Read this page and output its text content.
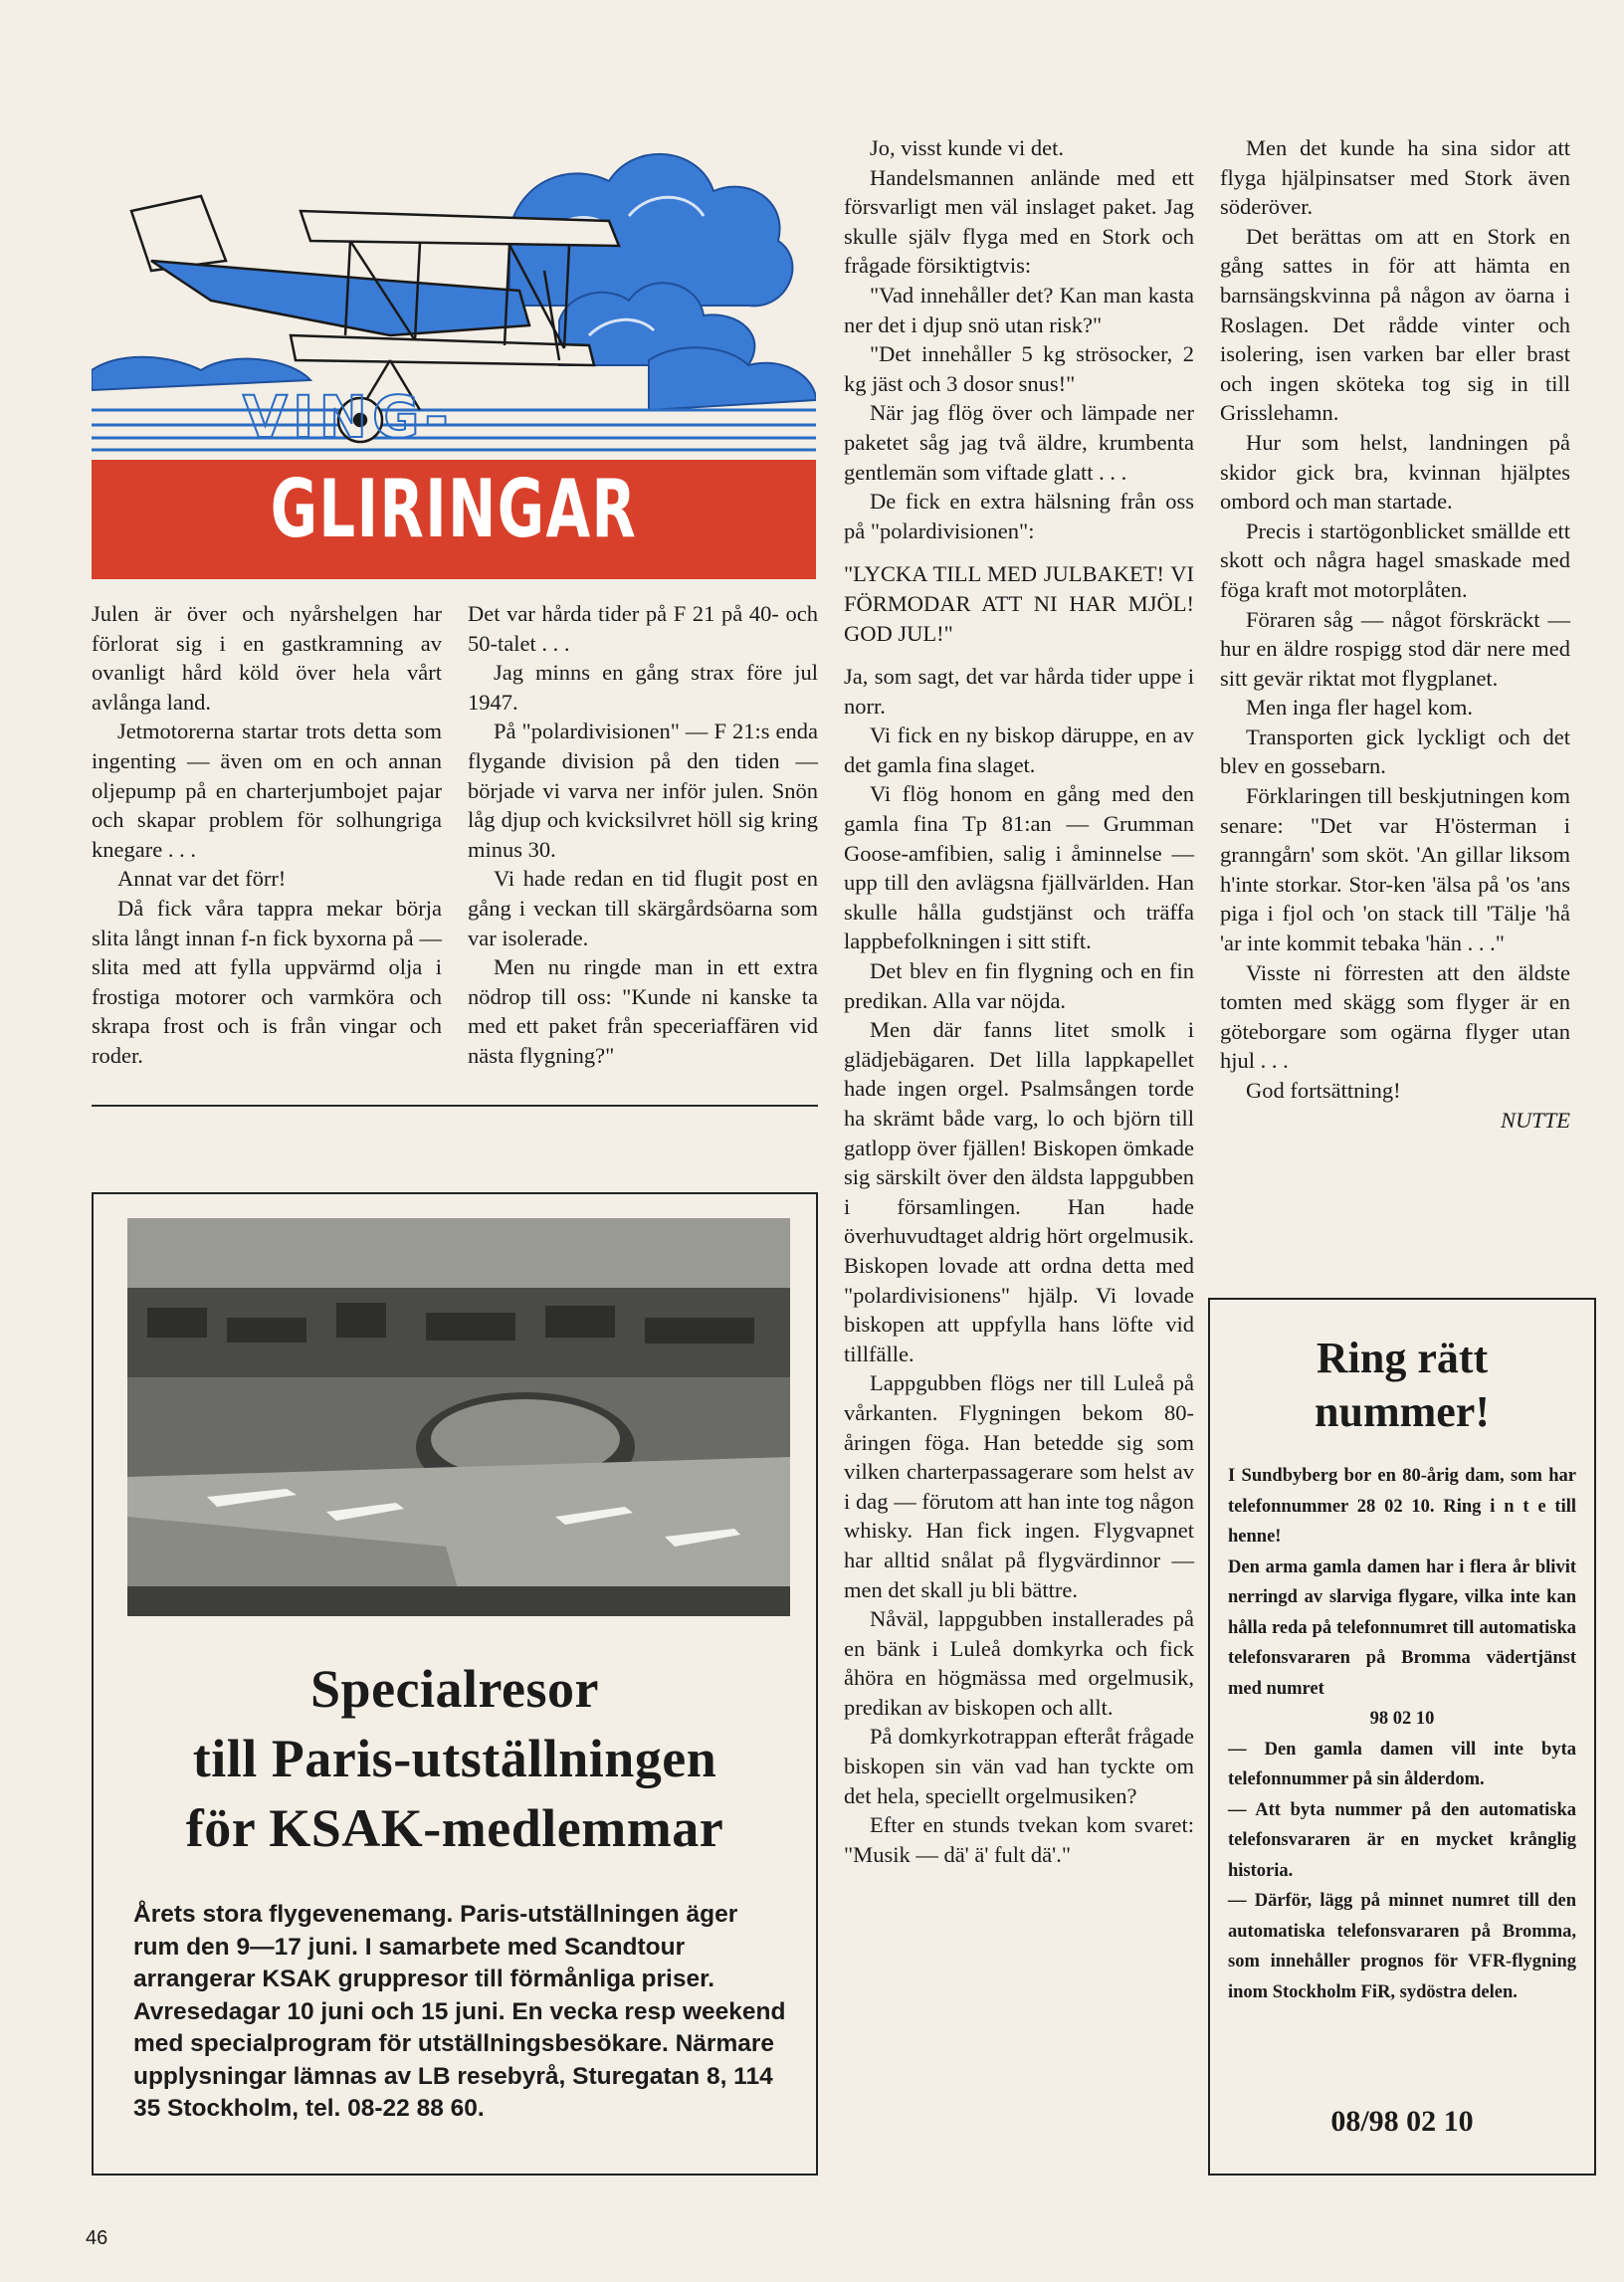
VING-
GLIRINGAR

Julen är över och nyårshelgen har förlorat sig i en gastkramning av ovanligt hård köld över hela vårt avlånga land.

Jetmotorerna startar trots detta som ingenting — även om en och annan oljepump på en charterjumbojet pajar och skapar problem för solhungriga knegare . . .

Annat var det förr!

Då fick våra tappra mekar börja slita långt innan f-n fick byxorna på — slita med att fylla uppvärmd olja i frostiga motorer och varmköra och skrapa frost och is från vingar och roder.

Det var hårda tider på F 21 på 40- och 50-talet . . .

Jag minns en gång strax före jul 1947.

På "polardivisionen" — F 21:s enda flygande division på den tiden — började vi varva ner inför julen. Snön låg djup och kvicksilvret höll sig kring minus 30.

Vi hade redan en tid flugit post en gång i veckan till skärgårdsöarna som var isolerade.

Men nu ringde man in ett extra nödrop till oss: "Kunde ni kanske ta med ett paket från speceriaffären vid nästa flygning?"

Jo, visst kunde vi det.

Handelsmannen anlände med ett försvarligt men väl inslaget paket. Jag skulle själv flyga med en Stork och frågade försiktigtvis:

"Vad innehåller det? Kan man kasta ner det i djup snö utan risk?"

"Det innehåller 5 kg strösocker, 2 kg jäst och 3 dosor snus!"

När jag flög över och lämpade ner paketet såg jag två äldre, krumbenta gentlemän som viftade glatt . . .

De fick en extra hälsning från oss på "polardivisionen":

"LYCKA TILL MED JULBAKET! VI FÖRMODAR ATT NI HAR MJÖL! GOD JUL!"

Ja, som sagt, det var hårda tider uppe i norr.

Vi fick en ny biskop däruppe, en av det gamla fina slaget.

Vi flög honom en gång med den gamla fina Tp 81:an — Grumman Goose-amfibien, salig i åminnelse — upp till den avlägsna fjällvärlden. Han skulle hålla gudstjänst och träffa lappbefolkningen i sitt stift.

Det blev en fin flygning och en fin predikan. Alla var nöjda.

Men där fanns litet smolk i glädjebägaren. Det lilla lappkapellet hade ingen orgel. Psalmsången torde ha skrämt både varg, lo och björn till gatlopp över fjällen! Biskopen ömkade sig särskilt över den äldsta lappgubben i församlingen. Han hade överhuvudtaget aldrig hört orgelmusik. Biskopen lovade att ordna detta med "polardivisionens" hjälp. Vi lovade biskopen att uppfylla hans löfte vid tillfälle.

Lappgubben flögs ner till Luleå på vårkanten. Flygningen bekom 80-åringen föga. Han betedde sig som vilken charterpassagerare som helst av i dag — förutom att han inte tog någon whisky. Han fick ingen. Flygvapnet har alltid snålat på flygvärdinnor — men det skall ju bli bättre.

Nåväl, lappgubben installerades på en bänk i Luleå domkyrka och fick åhöra en högmässa med orgelmusik, predikan av biskopen och allt.

På domkyrkotrappan efteråt frågade biskopen sin vän vad han tyckte om det hela, speciellt orgelmusiken?

Efter en stunds tvekan kom svaret: "Musik — dä' ä' fult dä'."

Men det kunde ha sina sidor att flyga hjälpinsatser med Stork även söderöver.

Det berättas om att en Stork en gång sattes in för att hämta en barnsängskvinna på någon av öarna i Roslagen. Det rådde vinter och isolering, isen varken bar eller brast och ingen sköteka tog sig in till Grisslehamn.

Hur som helst, landningen på skidor gick bra, kvinnan hjälptes ombord och man startade.

Precis i startögonblicket smällde ett skott och några hagel smaskade med föga kraft mot motorplåten.

Föraren såg — något förskräckt — hur en äldre rospigg stod där nere med sitt gevär riktat mot flygplanet.

Men inga fler hagel kom.

Transporten gick lyckligt och det blev en gossebarn.

Förklaringen till beskjutningen kom senare: "Det var H'österman i granngårn' som sköt. 'An gillar liksom h'inte storkar. Stor-ken 'älsa på 'os 'ans piga i fjol och 'on stack till 'Tälje 'hå 'ar inte kommit tebaka 'hän . . ."

Visste ni förresten att den äldste tomten med skägg som flyger är en göteborgare som ogärna flyger utan hjul . . .

God fortsättning!

NUTTE

Specialresor
till Paris-utställningen
för KSAK-medlemmar
Årets stora flygevenemang. Paris-utställningen äger rum den 9—17 juni. I samarbete med Scandtour arrangerar KSAK gruppresor till förmånliga priser. Avresedagar 10 juni och 15 juni. En vecka resp weekend med specialprogram för utställningsbesökare. Närmare upplysningar lämnas av LB resebyrå, Sturegatan 8, 114 35 Stockholm, tel. 08-22 88 60.
Ring rätt
nummer!

I Sundbyberg bor en 80-årig dam, som har telefonnummer 28 02 10. Ring i n t e till henne!

Den arma gamla damen har i flera år blivit nerringd av slarviga flygare, vilka inte kan hålla reda på telefonnumret till automatiska telefonsvararen på Bromma vädertjänst med numret

98 02 10

— Den gamla damen vill inte byta telefonnummer på sin ålderdom.

— Att byta nummer på den automatiska telefonsvararen är en mycket krånglig historia.

— Därför, lägg på minnet numret till den automatiska telefonsvararen på Bromma, som innehåller prognos för VFR-flygning inom Stockholm FiR, sydöstra delen.

08/98 02 10
46
